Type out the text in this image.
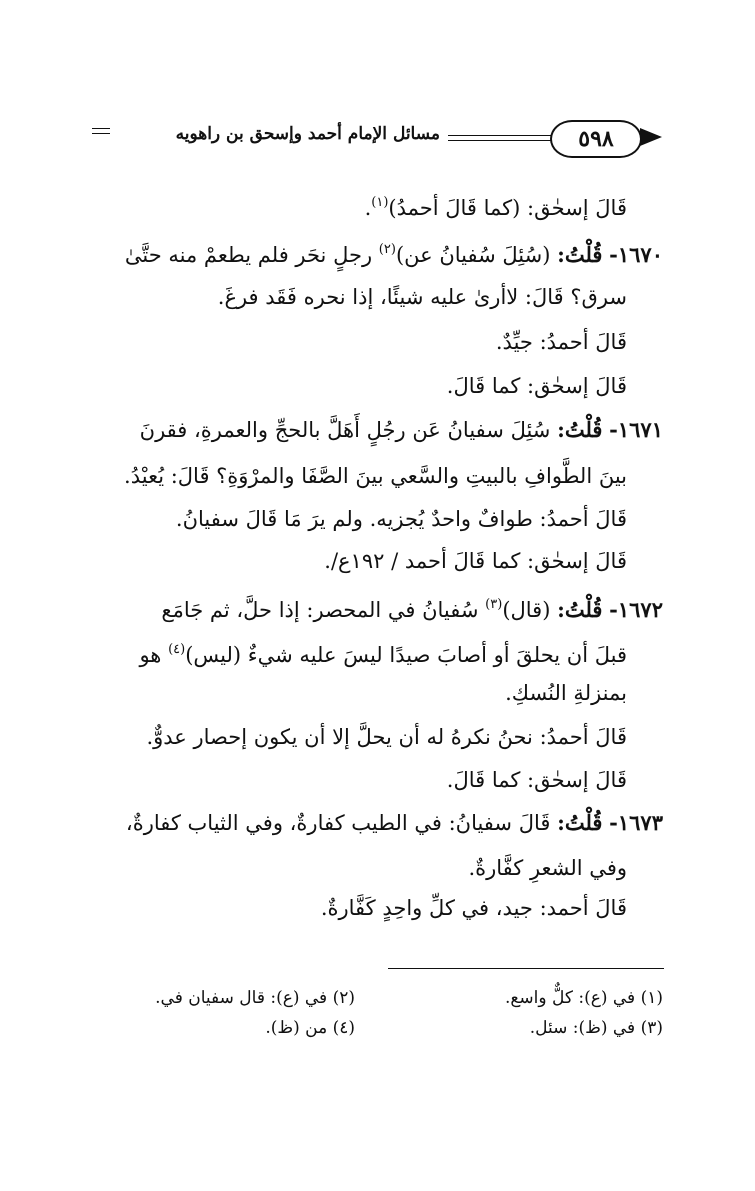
مسائل الإمام أحمد وإسحق بن راهويه	٥٩٨
قَالَ إسحٰق: (كما قَالَ أحمدُ)$^{(١)}$.
١٦٧٠- قُلْتُ: (سُئِلَ سُفيانُ عن)$^{(٢)}$ رجلٍ نحَر فلم يطعمْ منه حتَّىٰ
سرق؟ قَالَ: لاأرىٰ عليه شيئًا، إذا نحره فَقَد فرغَ.
قَالَ أحمدُ: جيِّدٌ.
قَالَ إسحٰق: كما قَالَ.
١٦٧١- قُلْتُ: سُئِلَ سفيانُ عَن رجُلٍ أَهَلَّ بالحجِّ والعمرةِ، فقرنَ
بينَ الطَّوافِ بالبيتِ والسَّعي بينَ الصَّفَا والمرْوَةِ؟ قَالَ: يُعيْدُ.
قَالَ أحمدُ: طوافٌ واحدٌ يُجزيه. ولم يرَ مَا قَالَ سفيانُ.
قَالَ إسحٰق: كما قَالَ أحمد / ١٩٢ع/.
١٦٧٢- قُلْتُ: (قال)$^{(٣)}$ سُفيانُ في المحصر: إذا حلَّ، ثم جَامَع
قبلَ أن يحلقَ أو أصابَ صيدًا ليسَ عليه شيءٌ (ليس)$^{(٤)}$ هو
بمنزلةِ النُسكِ.
قَالَ أحمدُ: نحنُ نكرهُ له أن يحلَّ إلا أن يكون إحصار عدوٌّ.
قَالَ إسحٰق: كما قَالَ.
١٦٧٣- قُلْتُ: قَالَ سفيانُ: في الطيب كفارةٌ، وفي الثياب كفارةٌ،
وفي الشعرِ كفَّارةٌ.
قَالَ أحمد: جيد، في كلِّ واحِدٍ كَفَّارةٌ.
(١) في (ع): كلٌّ واسع.
(٢) في (ع): قال سفيان في.
(٣) في (ظ): سئل.
(٤) من (ظ).
